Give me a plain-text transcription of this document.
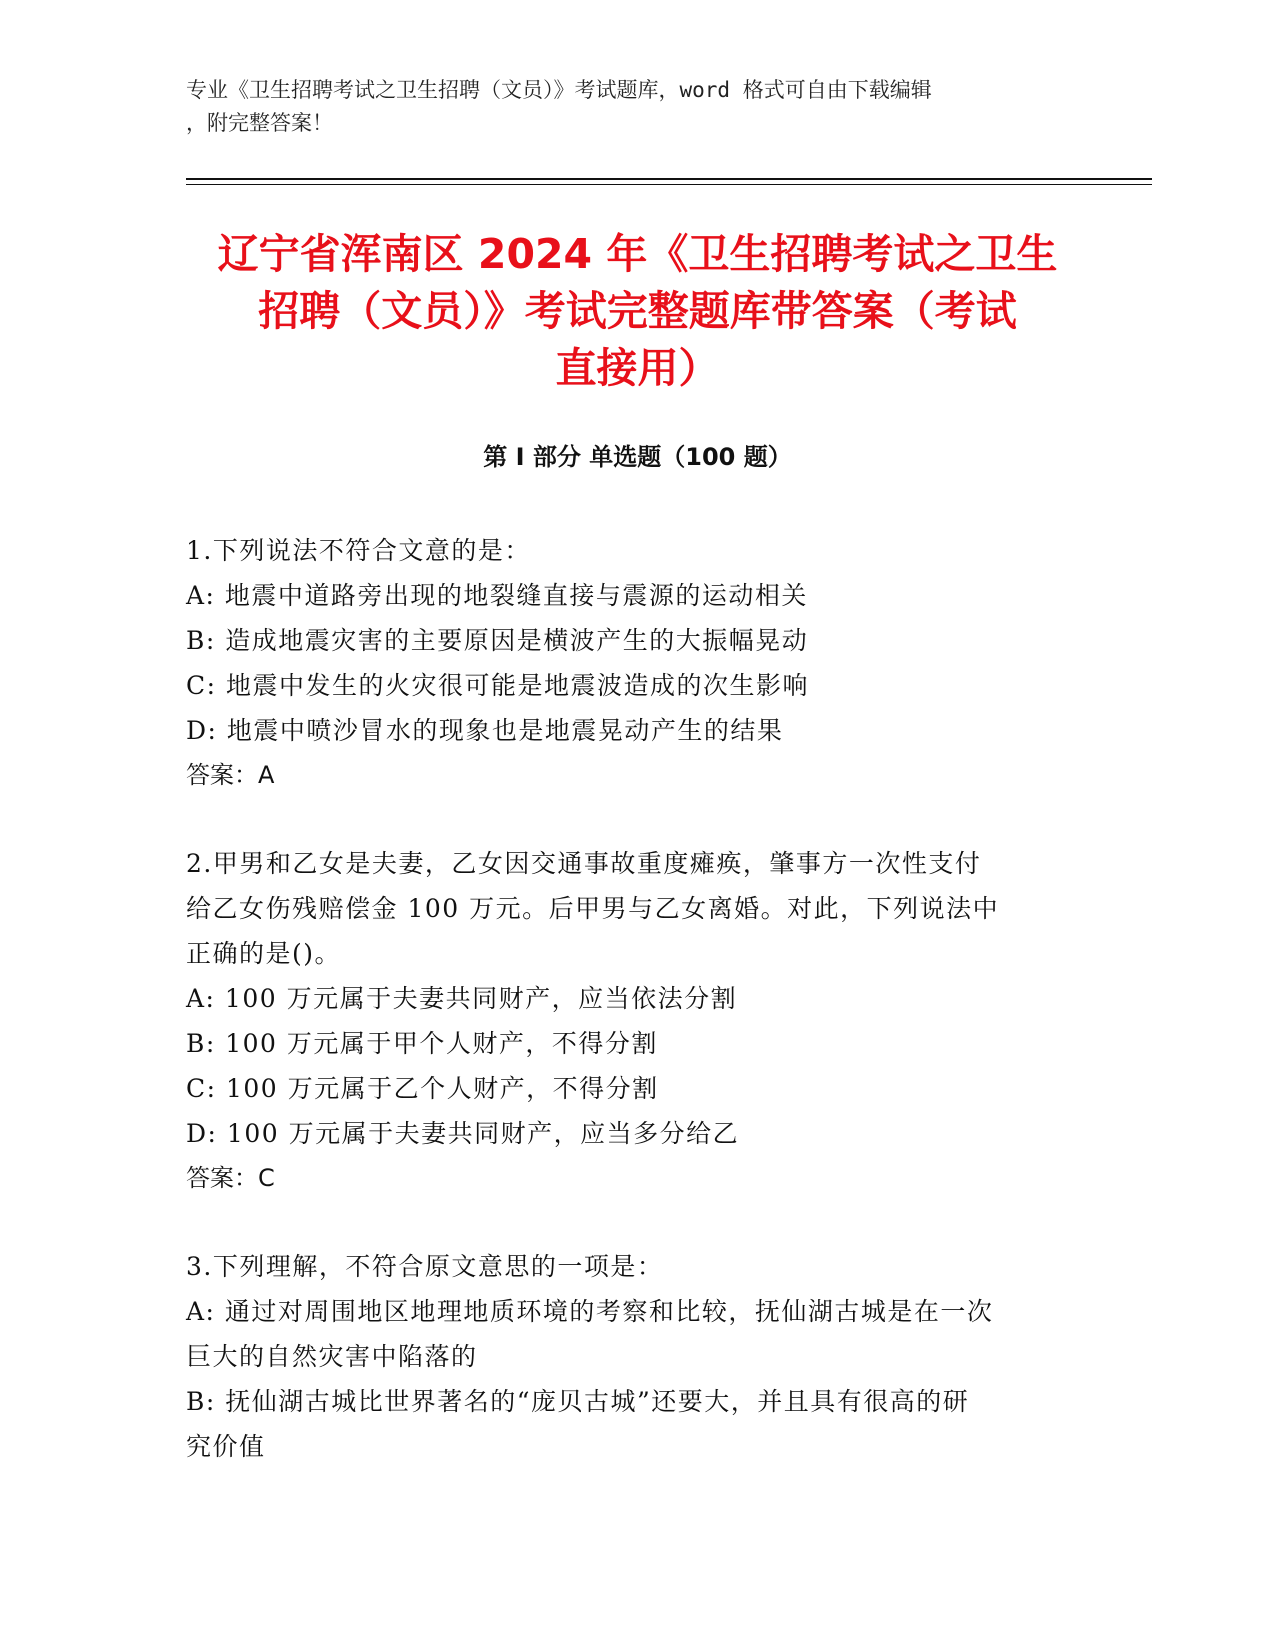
专业《卫生招聘考试之卫生招聘（文员）》考试题库，word 格式可自由下载编辑
，附完整答案！
辽宁省浑南区 2024 年《卫生招聘考试之卫生
招聘（文员）》考试完整题库带答案（考试
直接用）
第 I 部分 单选题（100 题）

1.下列说法不符合文意的是：

A: 地震中道路旁出现的地裂缝直接与震源的运动相关

B: 造成地震灾害的主要原因是横波产生的大振幅晃动

C: 地震中发生的火灾很可能是地震波造成的次生影响

D: 地震中喷沙冒水的现象也是地震晃动产生的结果

答案：A

2.甲男和乙女是夫妻，乙女因交通事故重度瘫痪，肇事方一次性支付

给乙女伤残赔偿金 100 万元。后甲男与乙女离婚。对此，下列说法中

正确的是()。

A: 100 万元属于夫妻共同财产，应当依法分割

B: 100 万元属于甲个人财产，不得分割

C: 100 万元属于乙个人财产，不得分割

D: 100 万元属于夫妻共同财产，应当多分给乙

答案：C

3.下列理解，不符合原文意思的一项是：

A: 通过对周围地区地理地质环境的考察和比较，抚仙湖古城是在一次

巨大的自然灾害中陷落的

B: 抚仙湖古城比世界著名的“庞贝古城”还要大，并且具有很高的研

究价值
